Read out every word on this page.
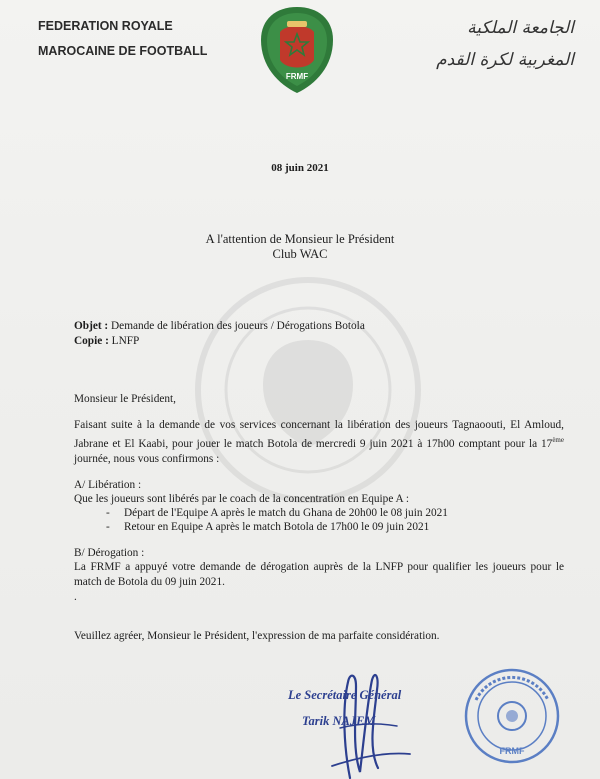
FEDERATION ROYALE
MAROCAINE DE FOOTBALL
FRMF
الجامعة الملكية
المغربية لكرة القدم
08 juin 2021
A l'attention de Monsieur le Président
Club WAC
Objet : Demande de libération des joueurs / Dérogations Botola
Copie : LNFP
Monsieur le Président,
Faisant suite à la demande de vos services concernant la libération des joueurs Tagnaoouti, El Amloud, Jabrane et El Kaabi, pour jouer le match Botola de mercredi 9 juin 2021 à 17h00 comptant pour la 17ème journée, nous vous confirmons :
A/ Libération :
Que les joueurs sont libérés par le coach de la concentration en Equipe A :
- Départ de l'Equipe A après le match du Ghana de 20h00 le 08 juin 2021
- Retour en Equipe A après le match Botola de 17h00 le 09 juin 2021
B/ Dérogation :
La FRMF a appuyé votre demande de dérogation auprès de la LNFP pour qualifier les joueurs pour le match de Botola du 09 juin 2021.
.
Veuillez agréer, Monsieur le Président, l'expression de ma parfaite considération.
Le Secrétaire Général
Tarik NAJEM
FRMF
